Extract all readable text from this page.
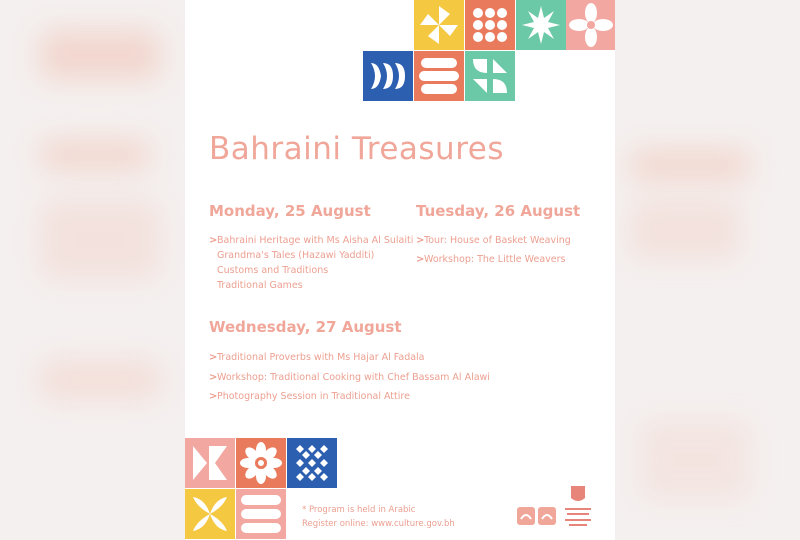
Bahraini Treasures
Monday, 25 August
> Bahraini Heritage with Ms Aisha Al Sulaiti
Grandma's Tales (Hazawi Yadditi)
Customs and Traditions
Traditional Games
Tuesday, 26 August
> Tour: House of Basket Weaving
> Workshop: The Little Weavers
Wednesday, 27 August
> Traditional Proverbs with Ms Hajar Al Fadala
> Workshop: Traditional Cooking with Chef Bassam Al Alawi
> Photography Session in Traditional Attire
* Program is held in Arabic
Register online: www.culture.gov.bh
